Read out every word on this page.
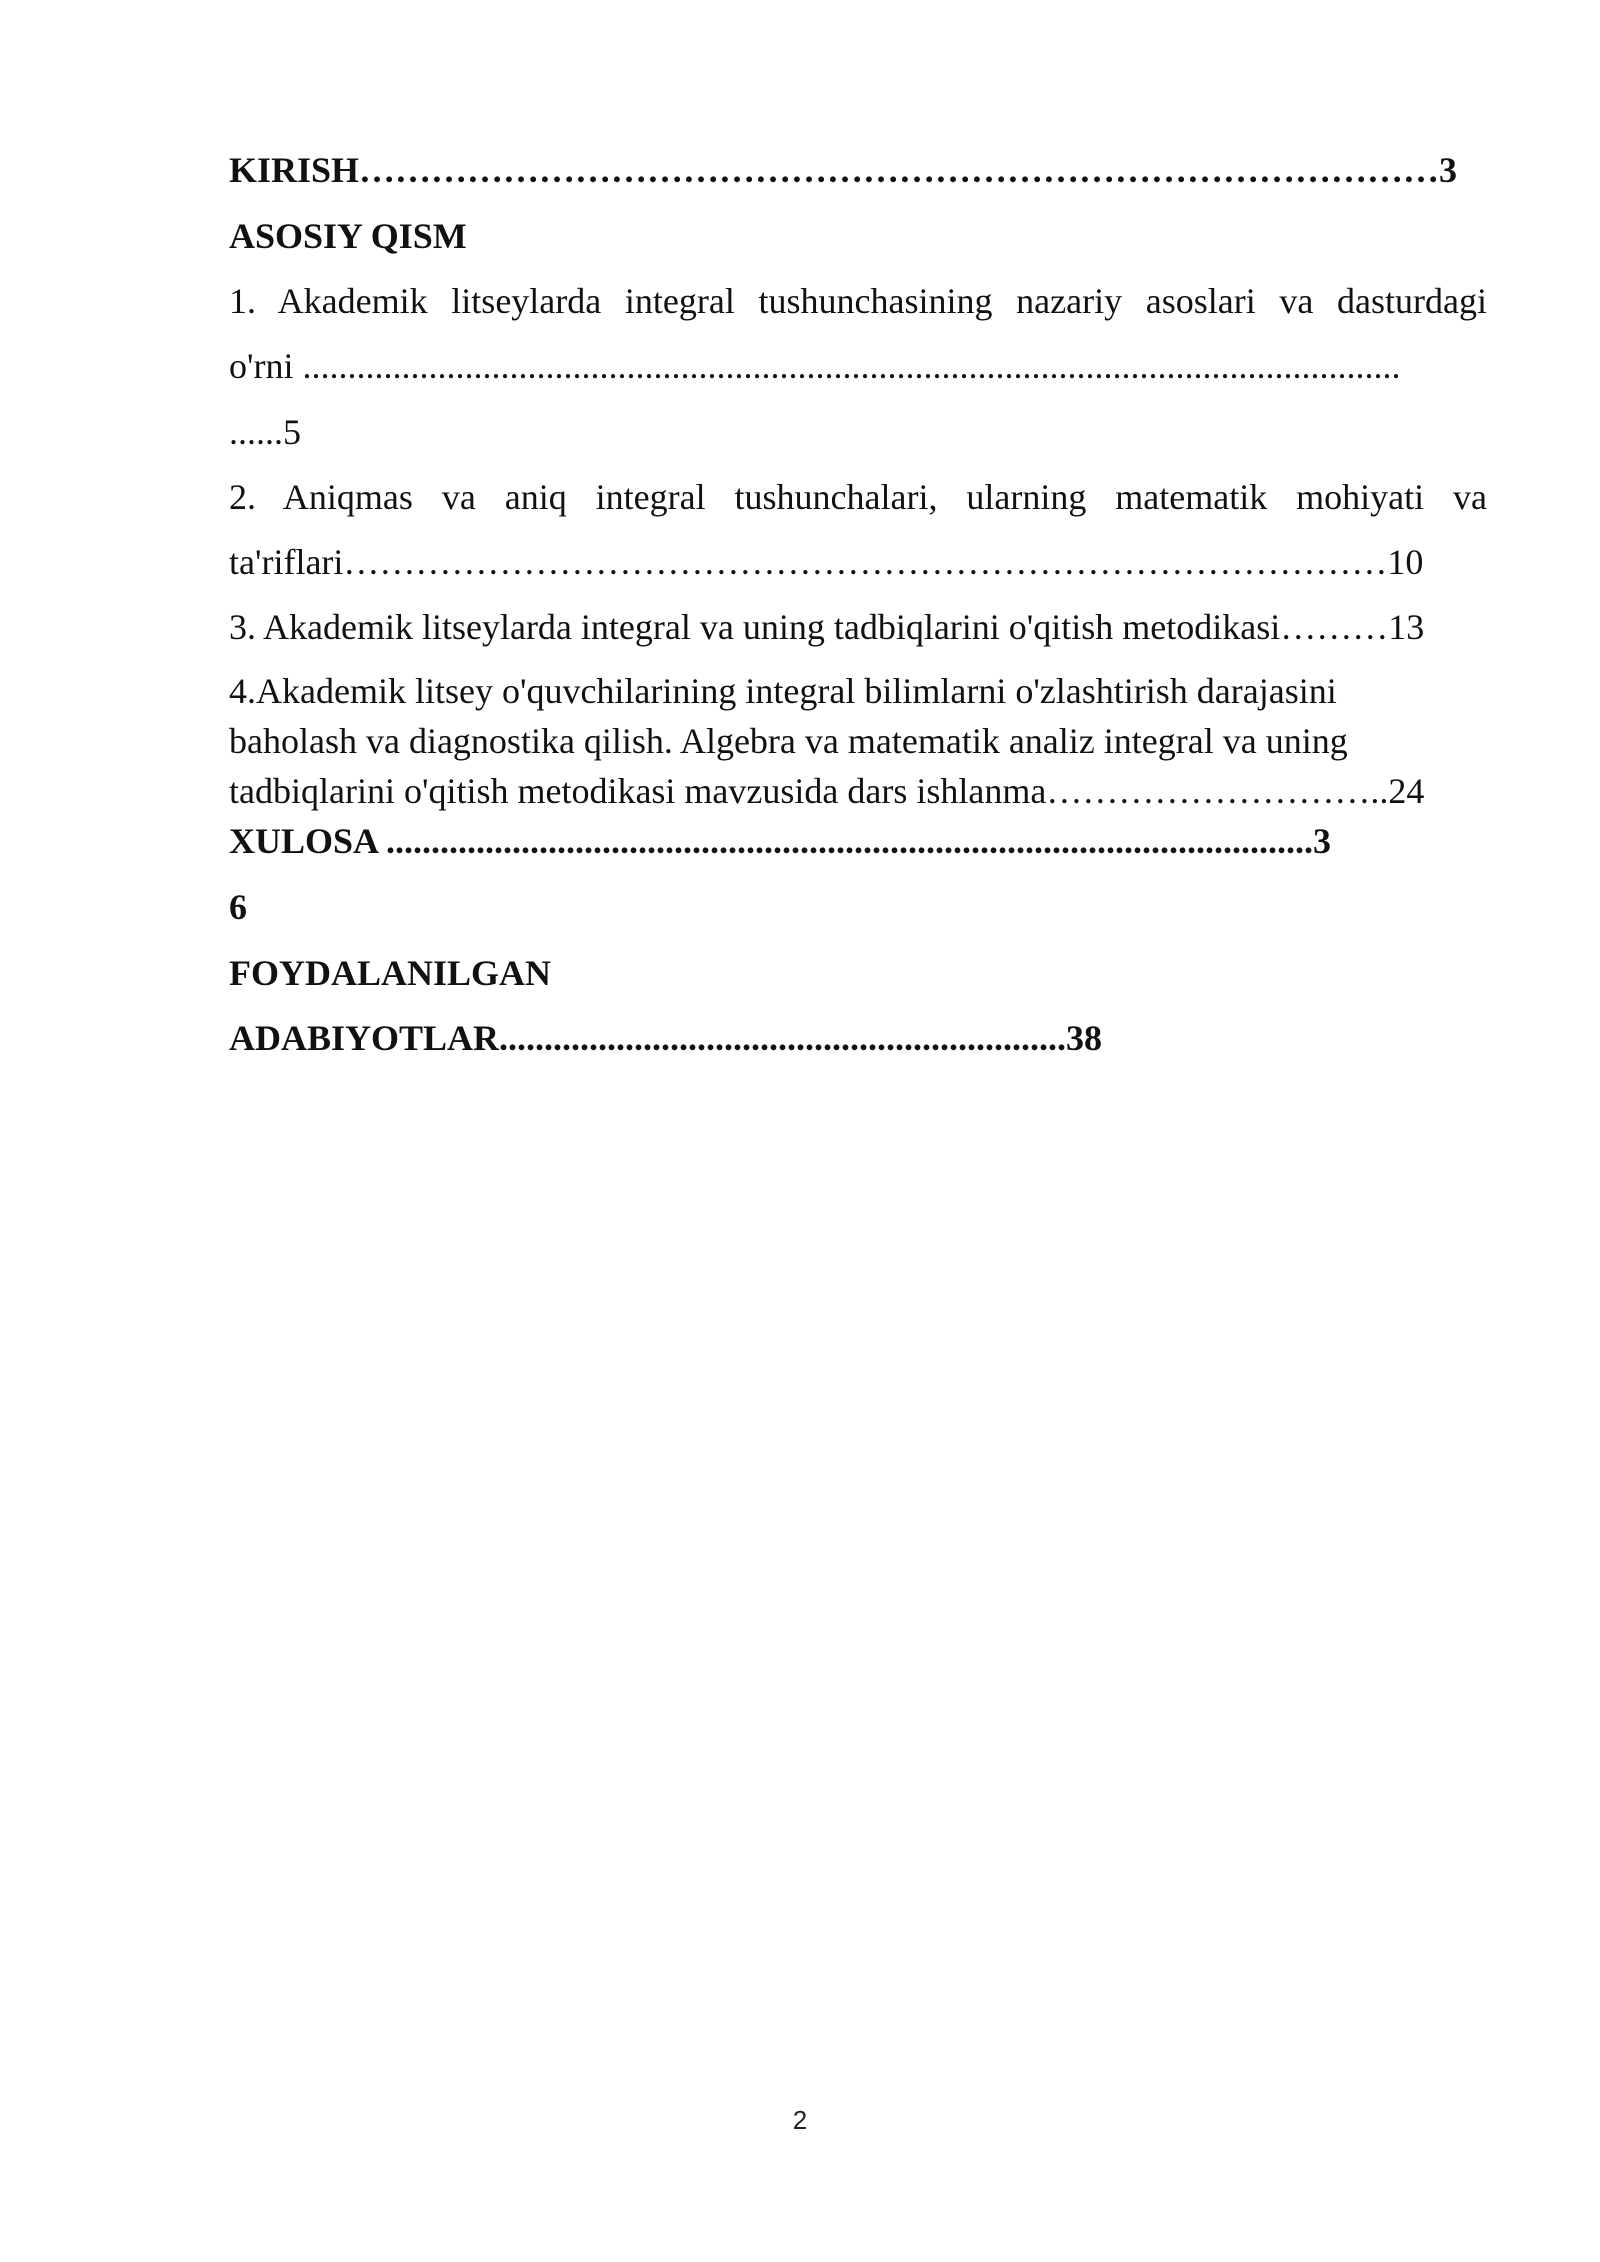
KIRISH………………………………………………………………………………3
ASOSIY QISM
1. Akademik litseylarda integral tushunchasining nazariy asoslari va dasturdagi
o'rni ..........................................................................................................................
......5
2. Aniqmas va aniq integral tushunchalari, ularning matematik mohiyati va
ta'riflari……………………………………………………………………………10
3. Akademik litseylarda integral va uning tadbiqlarini o'qitish metodikasi………13
4.Akademik litsey o'quvchilarining integral bilimlarni o'zlashtirish darajasini
baholash va diagnostika qilish. Algebra va matematik analiz integral va uning
tadbiqlarini o'qitish metodikasi mavzusida dars ishlanma………………………..24
XULOSA .......................................................................................................3
6
FOYDALANILGAN
ADABIYOTLAR...............................................................38
2
